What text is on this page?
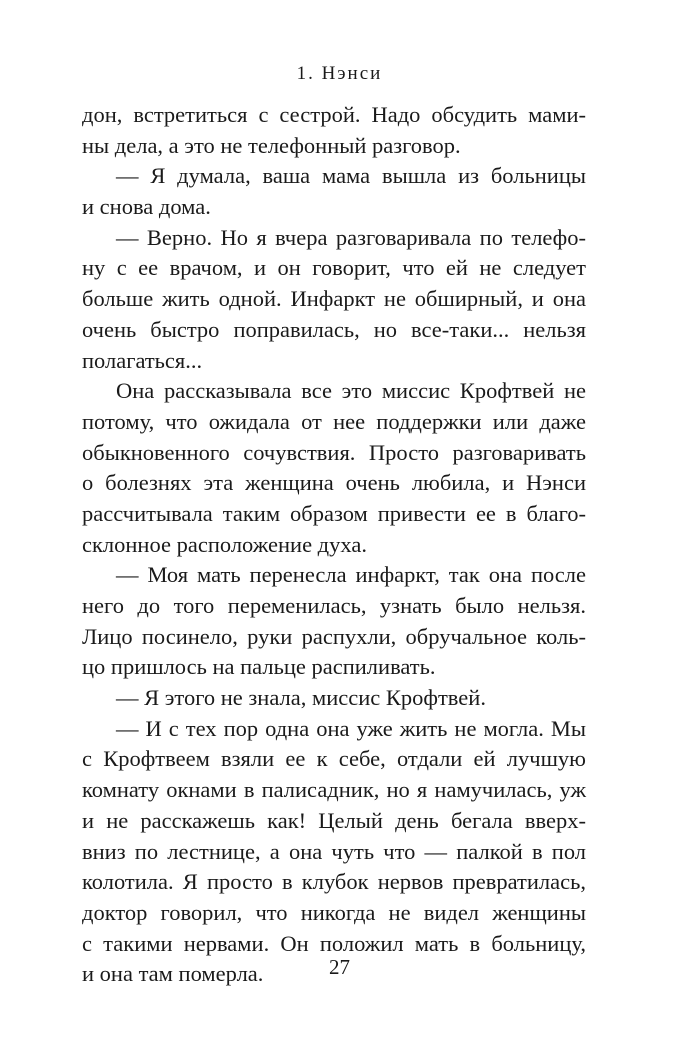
1. Нэнси
дон, встретиться с сестрой. Надо обсудить мами-
ны дела, а это не телефонный разговор.
— Я думала, ваша мама вышла из больницы
и снова дома.
— Верно. Но я вчера разговаривала по телефо-
ну с ее врачом, и он говорит, что ей не следует
больше жить одной. Инфаркт не обширный, и она
очень быстро поправилась, но все-таки... нельзя
полагаться...
Она рассказывала все это миссис Крофтвей не
потому, что ожидала от нее поддержки или даже
обыкновенного сочувствия. Просто разговаривать
о болезнях эта женщина очень любила, и Нэнси
рассчитывала таким образом привести ее в благо-
склонное расположение духа.
— Моя мать перенесла инфаркт, так она после
него до того переменилась, узнать было нельзя.
Лицо посинело, руки распухли, обручальное коль-
цо пришлось на пальце распиливать.
— Я этого не знала, миссис Крофтвей.
— И с тех пор одна она уже жить не могла. Мы
с Крофтвеем взяли ее к себе, отдали ей лучшую
комнату окнами в палисадник, но я намучилась, уж
и не расскажешь как! Целый день бегала вверх-
вниз по лестнице, а она чуть что — палкой в пол
колотила. Я просто в клубок нервов превратилась,
доктор говорил, что никогда не видел женщины
с такими нервами. Он положил мать в больницу,
и она там померла.	27
